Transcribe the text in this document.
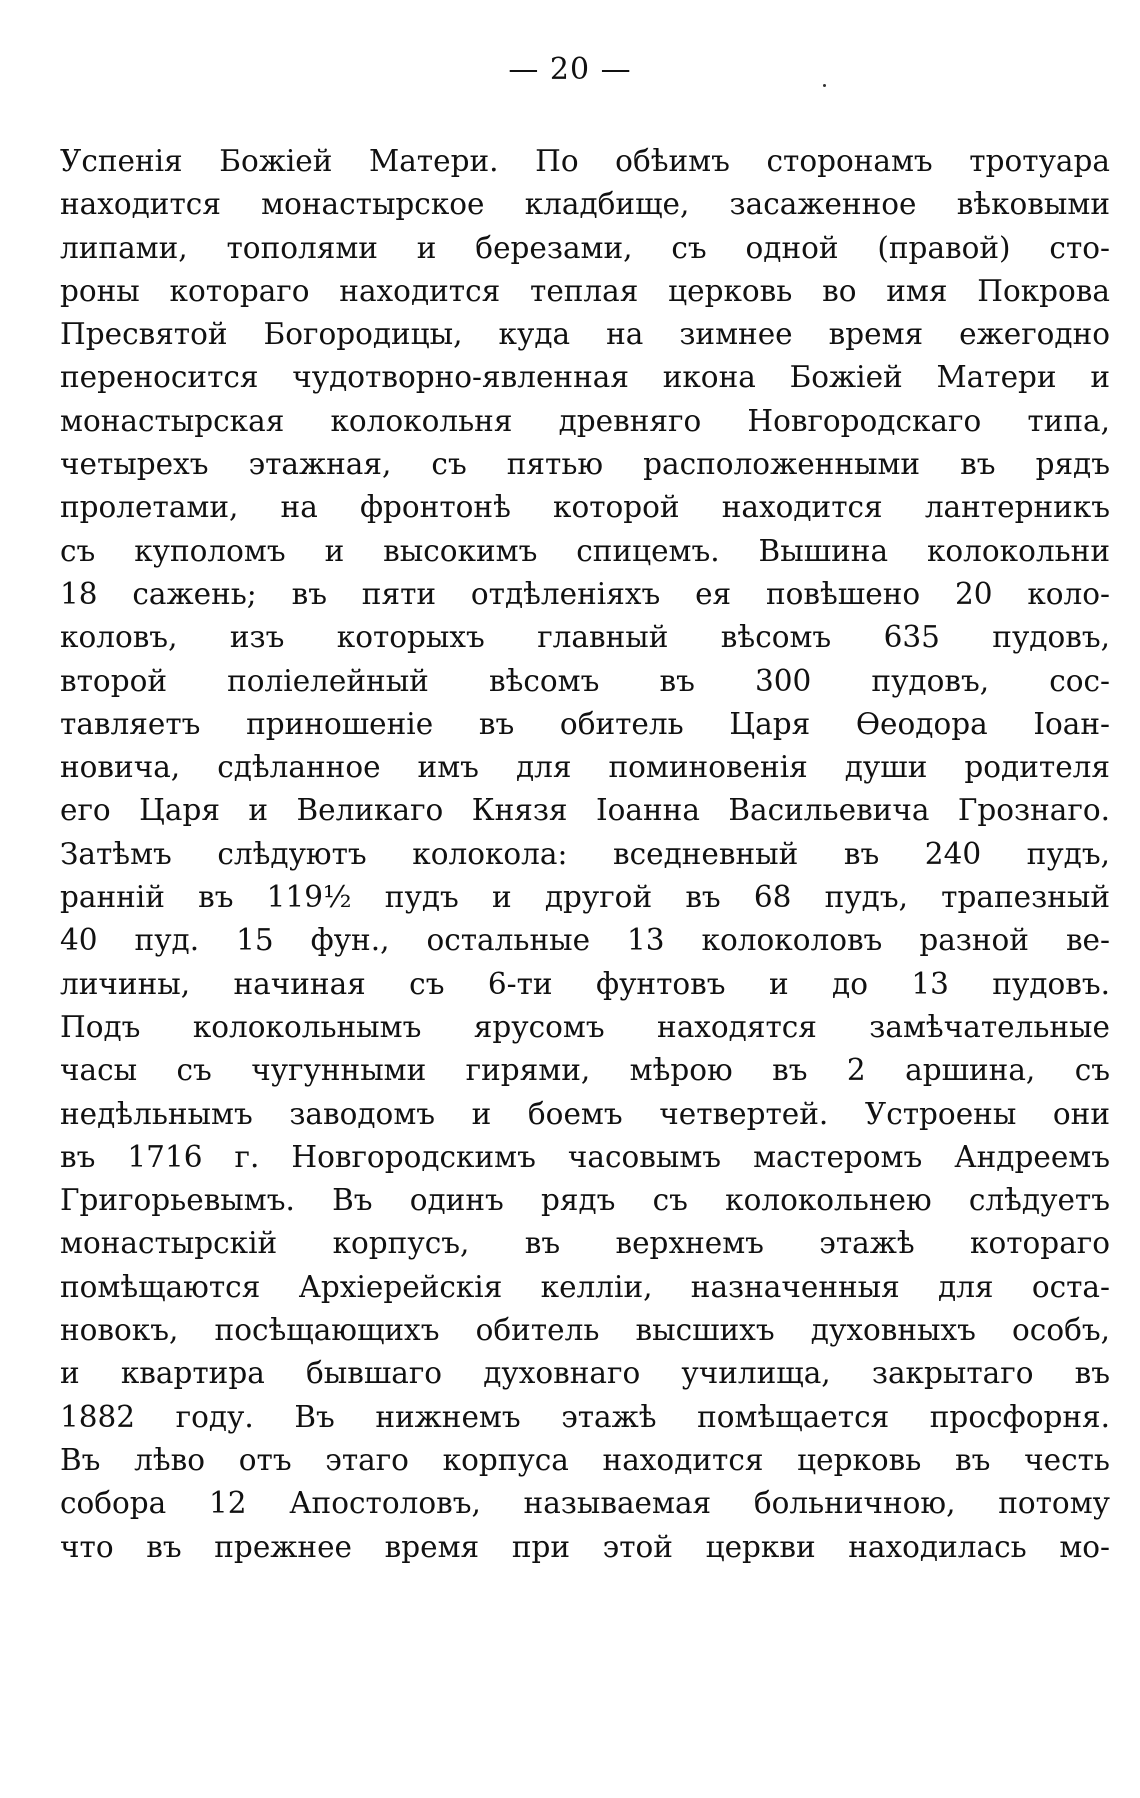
— 20 —
Успенія Божіей Матери. По обѣимъ сторонамъ тротуара
находится монастырское кладбище, засаженное вѣковыми
липами, тополями и березами, съ одной (правой) сто-
роны котораго находится теплая церковь во имя Покрова
Пресвятой Богородицы, куда на зимнее время ежегодно
переносится чудотворно-явленная икона Божіей Матери и
монастырская колокольня древняго Новгородскаго типа,
четырехъ этажная, съ пятью расположенными въ рядъ
пролетами, на фронтонѣ которой находится лантерникъ
съ куполомъ и высокимъ спицемъ. Вышина колокольни
18 сажень; въ пяти отдѣленіяхъ ея повѣшено 20 коло-
коловъ, изъ которыхъ главный вѣсомъ 635 пудовъ,
второй полiелейный вѣсомъ въ 300 пудовъ, сос-
тавляетъ приношеніе въ обитель Царя Ѳеодора Іоан-
новича, сдѣланное имъ для поминовенія души родителя
его Царя и Великаго Князя Іоанна Васильевича Грознаго.
Затѣмъ слѣдуютъ колокола: вседневный въ 240 пудъ,
ранній въ 119½ пудъ и другой въ 68 пудъ, трапезный
40 пуд. 15 фун., остальные 13 колоколовъ разной ве-
личины, начиная съ 6-ти фунтовъ и до 13 пудовъ.
Подъ колокольнымъ ярусомъ находятся замѣчательные
часы съ чугунными гирями, мѣрою въ 2 аршина, съ
недѣльнымъ заводомъ и боемъ четвертей. Устроены они
въ 1716 г. Новгородскимъ часовымъ мастеромъ Андреемъ
Григорьевымъ. Въ одинъ рядъ съ колокольнею слѣдуетъ
монастырскій корпусъ, въ верхнемъ этажѣ котораго
помѣщаются Архіерейскія келліи, назначенныя для оста-
новокъ, посѣщающихъ обитель высшихъ духовныхъ особъ,
и квартира бывшаго духовнаго училища, закрытаго въ
1882 году. Въ нижнемъ этажѣ помѣщается просфорня.
Въ лѣво отъ этаго корпуса находится церковь въ честь
собора 12 Апостоловъ, называемая больничною, потому
что въ прежнее время при этой церкви находилась мо-
